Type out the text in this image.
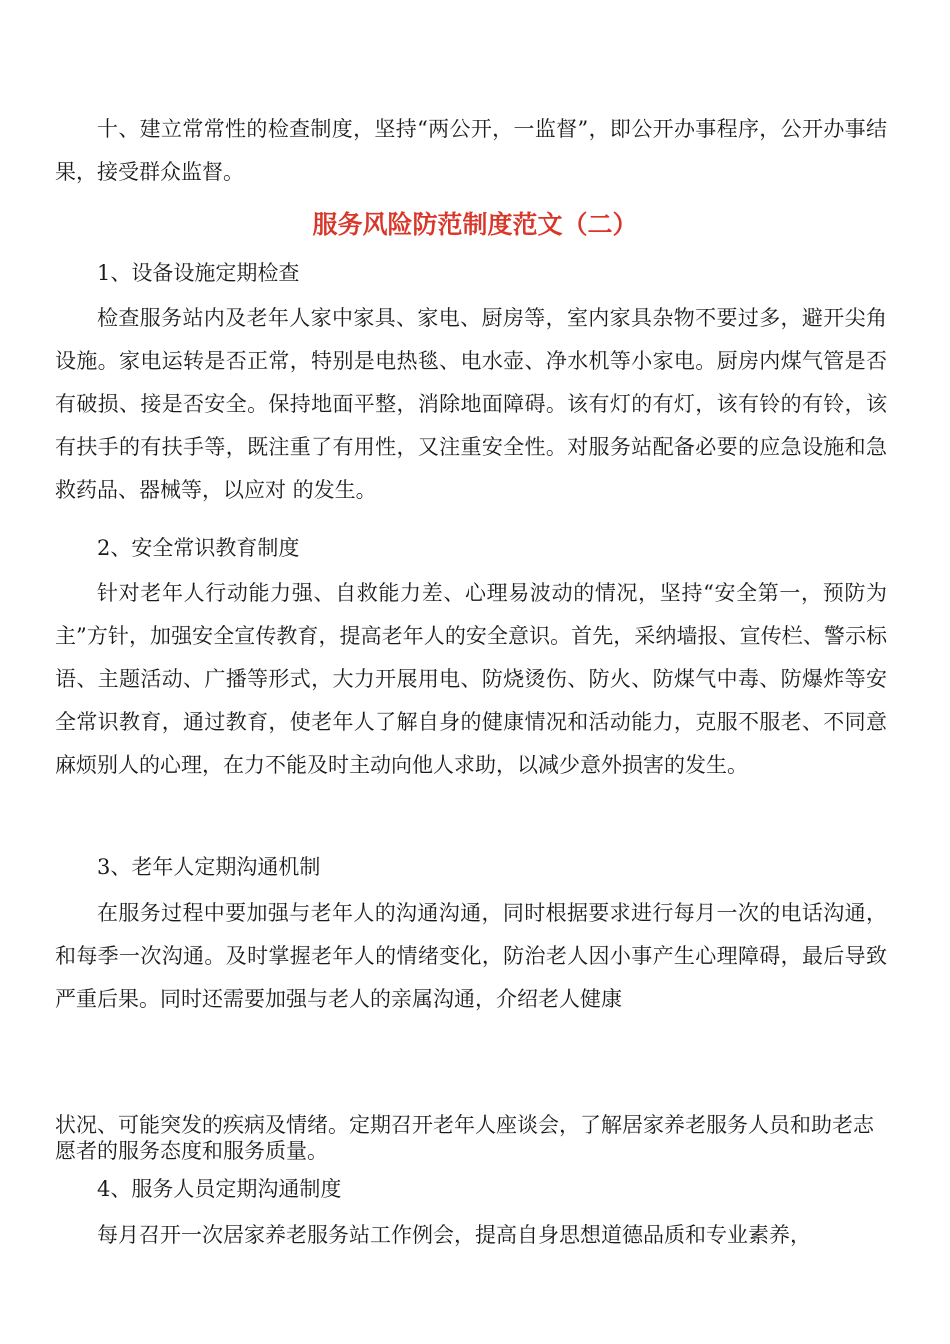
十、建立常常性的检查制度，坚持“两公开，一监督”，即公开办事程序，公开办事结果，接受群众监督。

服务风险防范制度范文（二）

1、设备设施定期检查

检查服务站内及老年人家中家具、家电、厨房等，室内家具杂物不要过多，避开尖角设施。家电运转是否正常，特别是电热毯、电水壶、净水机等小家电。厨房内煤气管是否有破损、接是否安全。保持地面平整，消除地面障碍。该有灯的有灯，该有铃的有铃，该有扶手的有扶手等，既注重了有用性，又注重安全性。对服务站配备必要的应急设施和急救药品、器械等，以应对 的发生。

2、安全常识教育制度

针对老年人行动能力强、自救能力差、心理易波动的情况，坚持“安全第一，预防为主”方针，加强安全宣传教育，提高老年人的安全意识。首先，采纳墙报、宣传栏、警示标语、主题活动、广播等形式，大力开展用电、防烧烫伤、防火、防煤气中毒、防爆炸等安全常识教育，通过教育，使老年人了解自身的健康情况和活动能力，克服不服老、不同意麻烦别人的心理，在力不能及时主动向他人求助，以减少意外损害的发生。

3、老年人定期沟通机制

在服务过程中要加强与老年人的沟通沟通，同时根据要求进行每月一次的电话沟通，和每季一次沟通。及时掌握老年人的情绪变化，防治老人因小事产生心理障碍，最后导致严重后果。同时还需要加强与老人的亲属沟通，介绍老人健康

状况、可能突发的疾病及情绪。定期召开老年人座谈会，了解居家养老服务人员和助老志愿者的服务态度和服务质量。

4、服务人员定期沟通制度

每月召开一次居家养老服务站工作例会，提高自身思想道德品质和专业素养，
